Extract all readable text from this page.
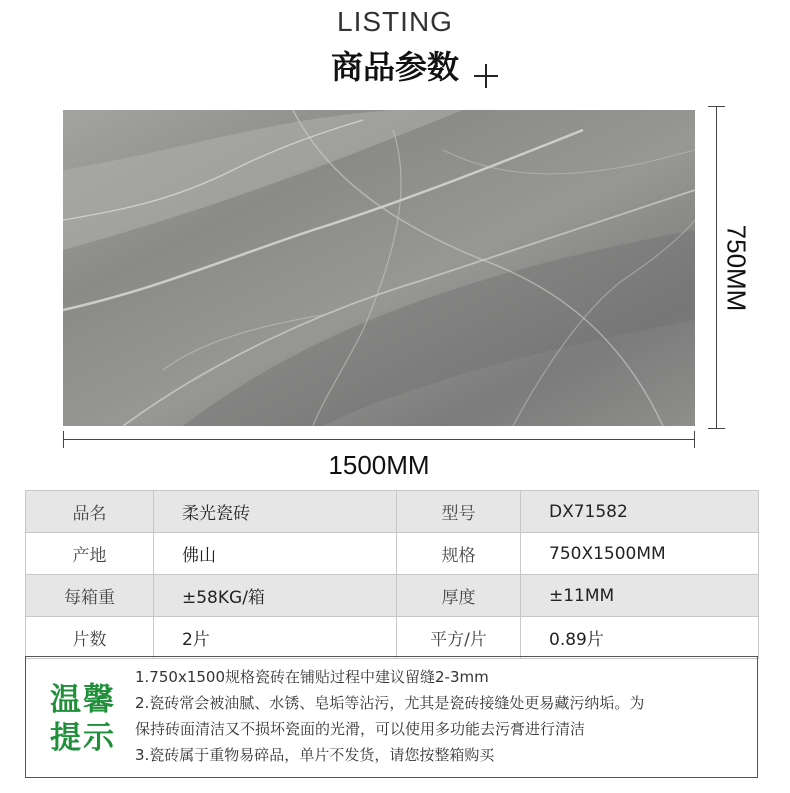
LISTING
商品参数
750MM
1500MM
品名	柔光瓷砖	型号	DX71582
产地	佛山	规格	750X1500MM
每箱重	±58KG/箱	厚度	±11MM
片数	2片	平方/片	0.89片
温馨
提示
1.750x1500规格瓷砖在铺贴过程中建议留缝2-3mm
2.瓷砖常会被油腻、水锈、皂垢等沾污，尤其是瓷砖接缝处更易藏污纳垢。为
保持砖面清洁又不损坏瓷面的光滑，可以使用多功能去污膏进行清洁
3.瓷砖属于重物易碎品，单片不发货，请您按整箱购买
